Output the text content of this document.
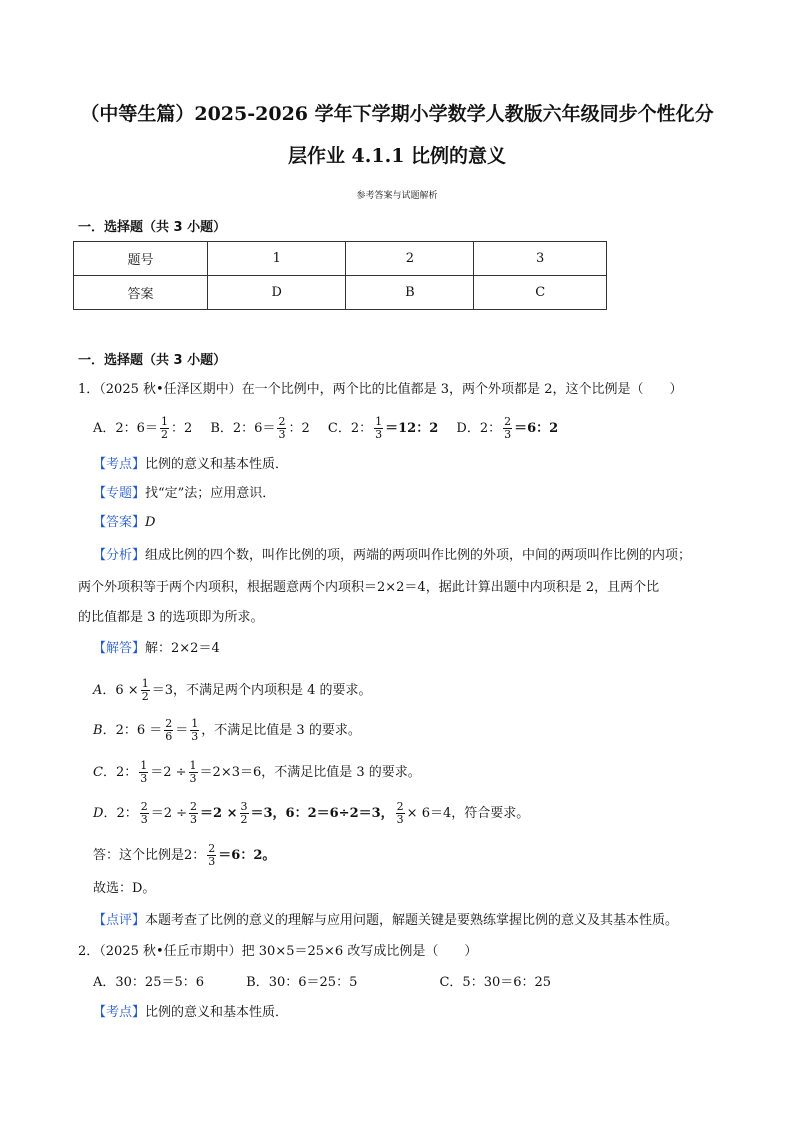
（中等生篇）2025-2026 学年下学期小学数学人教版六年级同步个性化分
层作业 4.1.1 比例的意义
参考答案与试题解析
一．选择题（共 3 小题）
题号	1	2	3
答案	D	B	C
一．选择题（共 3 小题）
1．（2025 秋•任泽区期中）在一个比例中，两个比的比值都是 3，两个外项都是 2，这个比例是（　　）
A．2：$6= \frac{1}{2}$ ：2 B．2：$6= \frac{2}{3}$ ：2 C．2： $\frac{1}{3} =12$：2 D．2： $\frac{2}{3} =6$：2
【考点】比例的意义和基本性质．
【专题】找“定”法；应用意识．
【答案】D
【分析】组成比例的四个数，叫作比例的项，两端的两项叫作比例的外项，中间的两项叫作比例的内项；
两个外项积等于两个内项积，根据题意两个内项积＝2×2＝4，据此计算出题中内项积是 2，且两个比
的比值都是 3 的选项即为所求。
【解答】解：2×2＝4
A．$6 \times \frac{1}{2} =3$，不满足两个内项积是 4 的要求。
B．2：$6 = \frac{2}{6} = \frac{1}{3}$ ，不满足比值是 3 的要求。
C．2： $\frac{1}{3} =2 \div \frac{1}{3} =2\times 3=6$，不满足比值是 3 的要求。
D．2： $\frac{2}{3} =2 \div \frac{2}{3} =2 \times \frac{3}{2} =3$，6：2＝6÷2＝3， $\frac{2}{3} \times 6=4$，符合要求。
答：这个比例是2： $\frac{2}{3} =6$：2。
故选：D。
【点评】本题考查了比例的意义的理解与应用问题，解题关键是要熟练掌握比例的意义及其基本性质。
2．（2025 秋•任丘市期中）把 30×5＝25×6 改写成比例是（　　）
A．30：25＝5：6	B．30：6＝25：5	C．5：30＝6：25
【考点】比例的意义和基本性质．
